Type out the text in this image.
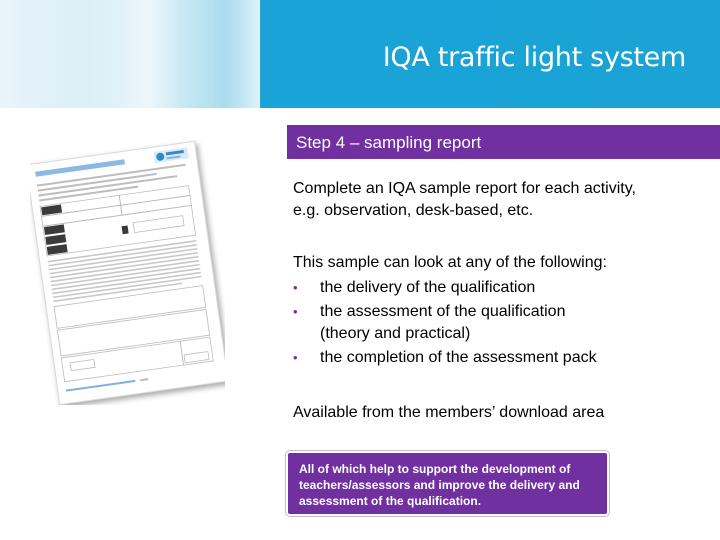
IQA traffic light system
Step 4 – sampling report
Complete an IQA sample report for each activity,
e.g. observation, desk-based, etc.
This sample can look at any of the following:
• the delivery of the qualification
• the assessment of the qualification
(theory and practical)
• the completion of the assessment pack
Available from the members’ download area
All of which help to support the development of teachers/assessors and improve the delivery and assessment of the qualification.
